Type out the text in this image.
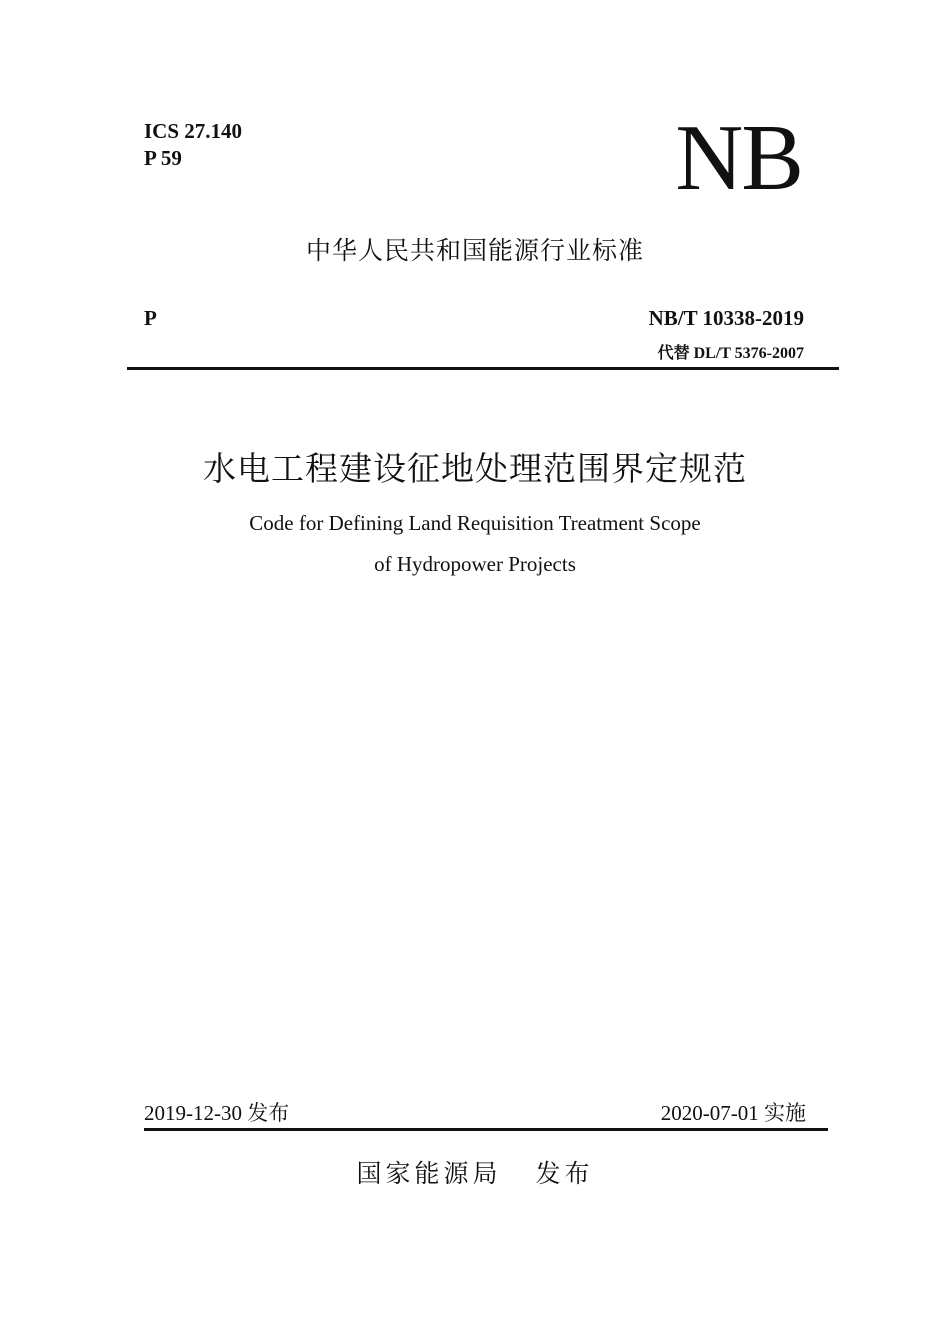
ICS 27.140
P 59	NB
中华人民共和国能源行业标准
P	NB/T 10338-2019
代替 DL/T 5376-2007
水电工程建设征地处理范围界定规范
Code for Defining Land Requisition Treatment Scope
of Hydropower Projects
2019-12-30 发布	2020-07-01 实施
国家能源局 发布
